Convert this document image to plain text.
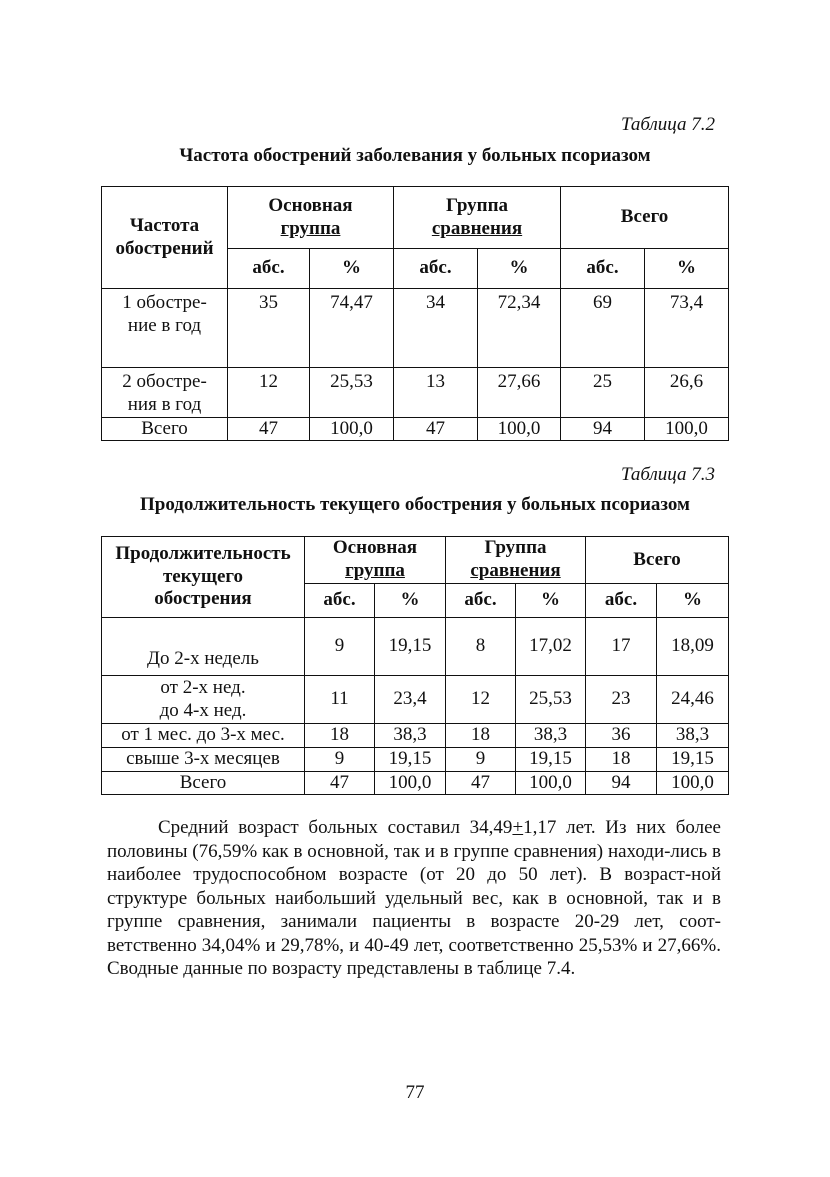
Таблица 7.2
Частота обострений заболевания у больных псориазом
Частота
обострений	Основная
группа		Группа
сравнения		Всего	
	абс.	%	абс.	%	абс.	%
1 обостре-
ние в год	35	74,47	34	72,34	69	73,4
2 обостре-
ния в год	12	25,53	13	27,66	25	26,6
Всего	47	100,0	47	100,0	94	100,0
Таблица 7.3
Продолжительность текущего обострения у больных псориазом
Продолжительность
текущего
обострения	Основная
группа		Группа
сравнения		Всего	
	абс.	%	абс.	%	абс.	%
До 2-х недель	9	19,15	8	17,02	17	18,09
от 2-х нед.
до 4-х нед.	11	23,4	12	25,53	23	24,46
от 1 мес. до 3-х мес.	18	38,3	18	38,3	36	38,3
свыше 3-х месяцев	9	19,15	9	19,15	18	19,15
Всего	47	100,0	47	100,0	94	100,0

Средний возраст больных составил 34,49+1,17 лет. Из них более половины (76,59% как в основной, так и в группе сравнения) находи-лись в наиболее трудоспособном возрасте (от 20 до 50 лет). В возраст-ной структуре больных наибольший удельный вес, как в основной, так и в группе сравнения, занимали пациенты в возрасте 20-29 лет, соот-ветственно 34,04% и 29,78%, и 40-49 лет, соответственно 25,53% и 27,66%. Сводные данные по возрасту представлены в таблице 7.4.

77
